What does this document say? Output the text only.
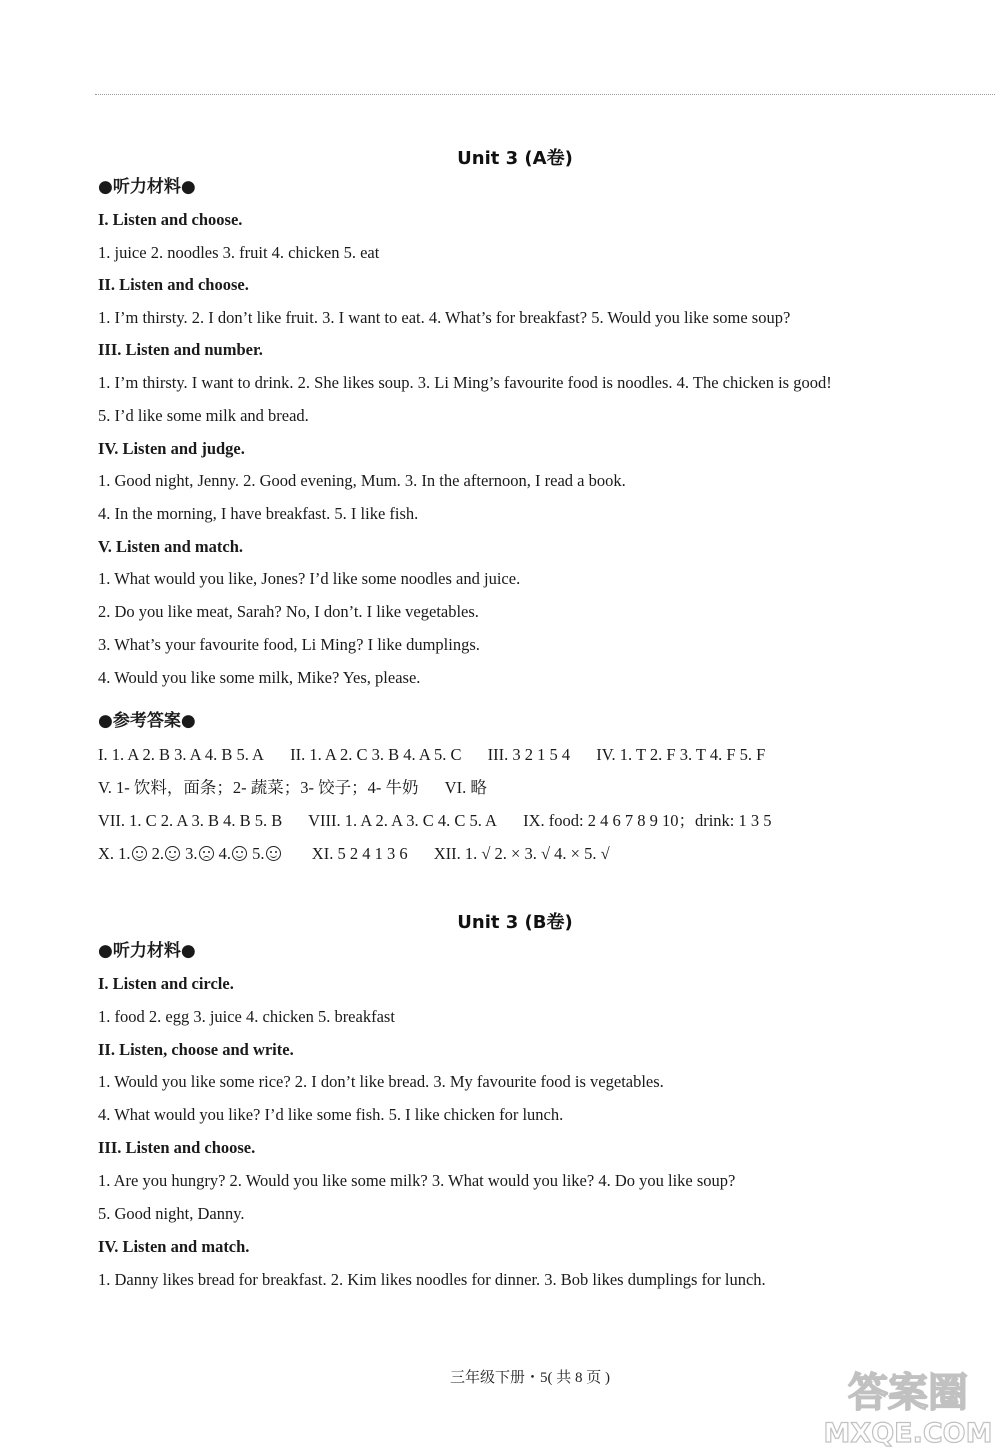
Unit 3 (A卷)
●听力材料●
I. Listen and choose.
1. juice 2. noodles 3. fruit 4. chicken 5. eat
II. Listen and choose.
1. I’m thirsty. 2. I don’t like fruit. 3. I want to eat. 4. What’s for breakfast? 5. Would you like some soup?
III. Listen and number.
1. I’m thirsty. I want to drink. 2. She likes soup. 3. Li Ming’s favourite food is noodles. 4. The chicken is good!
5. I’d like some milk and bread.
IV. Listen and judge.
1. Good night, Jenny. 2. Good evening, Mum. 3. In the afternoon, I read a book.
4. In the morning, I have breakfast. 5. I like fish.
V. Listen and match.
1. What would you like, Jones? I’d like some noodles and juice.
2. Do you like meat, Sarah? No, I don’t. I like vegetables.
3. What’s your favourite food, Li Ming? I like dumplings.
4. Would you like some milk, Mike? Yes, please.
●参考答案●
I. 1. A 2. B 3. A 4. B 5. A II. 1. A 2. C 3. B 4. A 5. C III. 3 2 1 5 4 IV. 1. T 2. F 3. T 4. F 5. F
V. 1- 饮料，面条；2- 蔬菜；3- 饺子；4- 牛奶 VI. 略
VII. 1. C 2. A 3. B 4. B 5. B VIII. 1. A 2. A 3. C 4. C 5. A IX. food: 2 4 6 7 8 9 10；drink: 1 3 5
X. 1. 2. 3. 4. 5.	XI. 5 2 4 1 3 6 XII. 1. √ 2. × 3. √ 4. × 5. √
Unit 3 (B卷)
●听力材料●
I. Listen and circle.
1. food 2. egg 3. juice 4. chicken 5. breakfast
II. Listen, choose and write.
1. Would you like some rice? 2. I don’t like bread. 3. My favourite food is vegetables.
4. What would you like? I’d like some fish. 5. I like chicken for lunch.
III. Listen and choose.
1. Are you hungry? 2. Would you like some milk? 3. What would you like? 4. Do you like soup?
5. Good night, Danny.
IV. Listen and match.
1. Danny likes bread for breakfast. 2. Kim likes noodles for dinner. 3. Bob likes dumplings for lunch.
三年级下册・5( 共 8 页 )	答案圈
MXQE.COM
